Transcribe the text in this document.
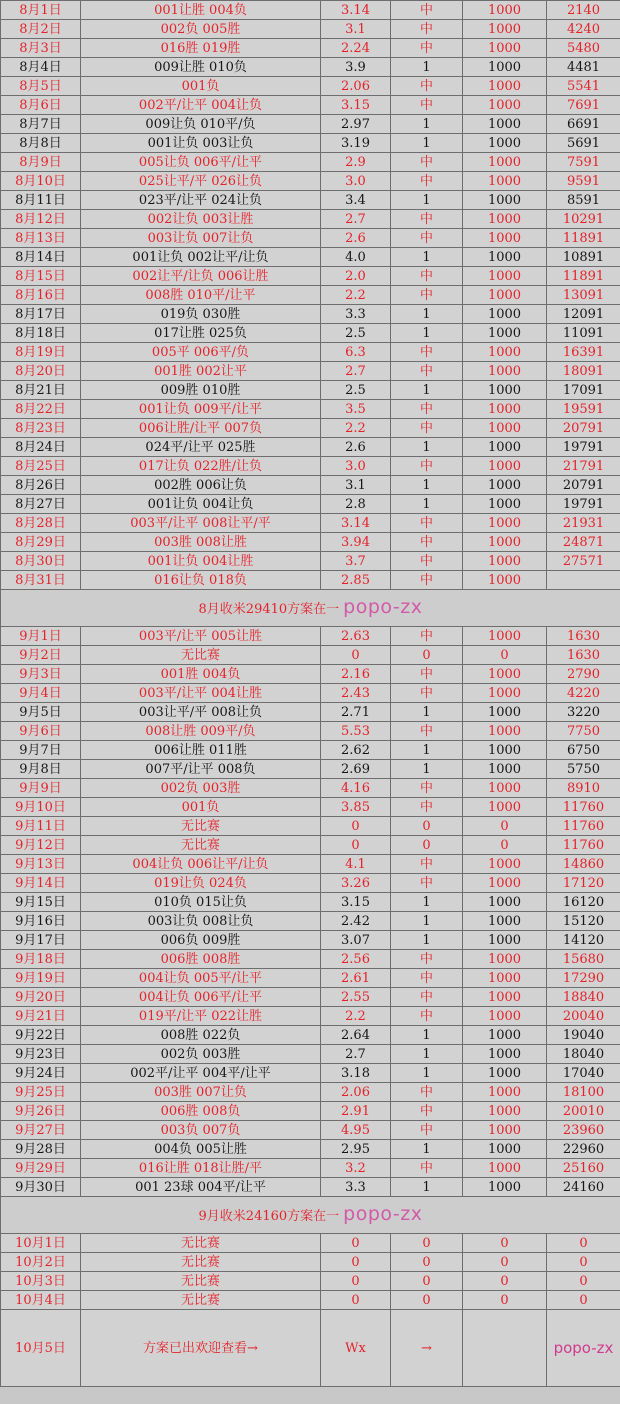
8月1日	001让胜 004负	3.14	中	1000	2140
8月2日	002负 005胜	3.1	中	1000	4240
8月3日	016胜 019胜	2.24	中	1000	5480
8月4日	009让胜 010负	3.9	1	1000	4481
8月5日	001负	2.06	中	1000	5541
8月6日	002平/让平 004让负	3.15	中	1000	7691
8月7日	009让负 010平/负	2.97	1	1000	6691
8月8日	001让负 003让负	3.19	1	1000	5691
8月9日	005让负 006平/让平	2.9	中	1000	7591
8月10日	025让平/平 026让负	3.0	中	1000	9591
8月11日	023平/让平 024让负	3.4	1	1000	8591
8月12日	002让负 003让胜	2.7	中	1000	10291
8月13日	003让负 007让负	2.6	中	1000	11891
8月14日	001让负 002让平/让负	4.0	1	1000	10891
8月15日	002让平/让负 006让胜	2.0	中	1000	11891
8月16日	008胜 010平/让平	2.2	中	1000	13091
8月17日	019负 030胜	3.3	1	1000	12091
8月18日	017让胜 025负	2.5	1	1000	11091
8月19日	005平 006平/负	6.3	中	1000	16391
8月20日	001胜 002让平	2.7	中	1000	18091
8月21日	009胜 010胜	2.5	1	1000	17091
8月22日	001让负 009平/让平	3.5	中	1000	19591
8月23日	006让胜/让平 007负	2.2	中	1000	20791
8月24日	024平/让平 025胜	2.6	1	1000	19791
8月25日	017让负 022胜/让负	3.0	中	1000	21791
8月26日	002胜 006让负	3.1	1	1000	20791
8月27日	001让负 004让负	2.8	1	1000	19791
8月28日	003平/让平 008让平/平	3.14	中	1000	21931
8月29日	003胜 008让胜	3.94	中	1000	24871
8月30日	001让负 004让胜	3.7	中	1000	27571
8月31日	016让负 018负	2.85	中	1000	
8月收米29410方案在一 popo-zx					
9月1日	003平/让平 005让胜	2.63	中	1000	1630
9月2日	无比赛	0	0	0	1630
9月3日	001胜 004负	2.16	中	1000	2790
9月4日	003平/让平 004让胜	2.43	中	1000	4220
9月5日	003让平/平 008让负	2.71	1	1000	3220
9月6日	008让胜 009平/负	5.53	中	1000	7750
9月7日	006让胜 011胜	2.62	1	1000	6750
9月8日	007平/让平 008负	2.69	1	1000	5750
9月9日	002负 003胜	4.16	中	1000	8910
9月10日	001负	3.85	中	1000	11760
9月11日	无比赛	0	0	0	11760
9月12日	无比赛	0	0	0	11760
9月13日	004让负 006让平/让负	4.1	中	1000	14860
9月14日	019让负 024负	3.26	中	1000	17120
9月15日	010负 015让负	3.15	1	1000	16120
9月16日	003让负 008让负	2.42	1	1000	15120
9月17日	006负 009胜	3.07	1	1000	14120
9月18日	006胜 008胜	2.56	中	1000	15680
9月19日	004让负 005平/让平	2.61	中	1000	17290
9月20日	004让负 006平/让平	2.55	中	1000	18840
9月21日	019平/让平 022让胜	2.2	中	1000	20040
9月22日	008胜 022负	2.64	1	1000	19040
9月23日	002负 003胜	2.7	1	1000	18040
9月24日	002平/让平 004平/让平	3.18	1	1000	17040
9月25日	003胜 007让负	2.06	中	1000	18100
9月26日	006胜 008负	2.91	中	1000	20010
9月27日	003负 007负	4.95	中	1000	23960
9月28日	004负 005让胜	2.95	1	1000	22960
9月29日	016让胜 018让胜/平	3.2	中	1000	25160
9月30日	001 23球 004平/让平	3.3	1	1000	24160
9月收米24160方案在一 popo-zx					
10月1日	无比赛	0	0	0	0
10月2日	无比赛	0	0	0	0
10月3日	无比赛	0	0	0	0
10月4日	无比赛	0	0	0	0
10月5日	方案已出欢迎查看→	Wx	→		popo-zx
